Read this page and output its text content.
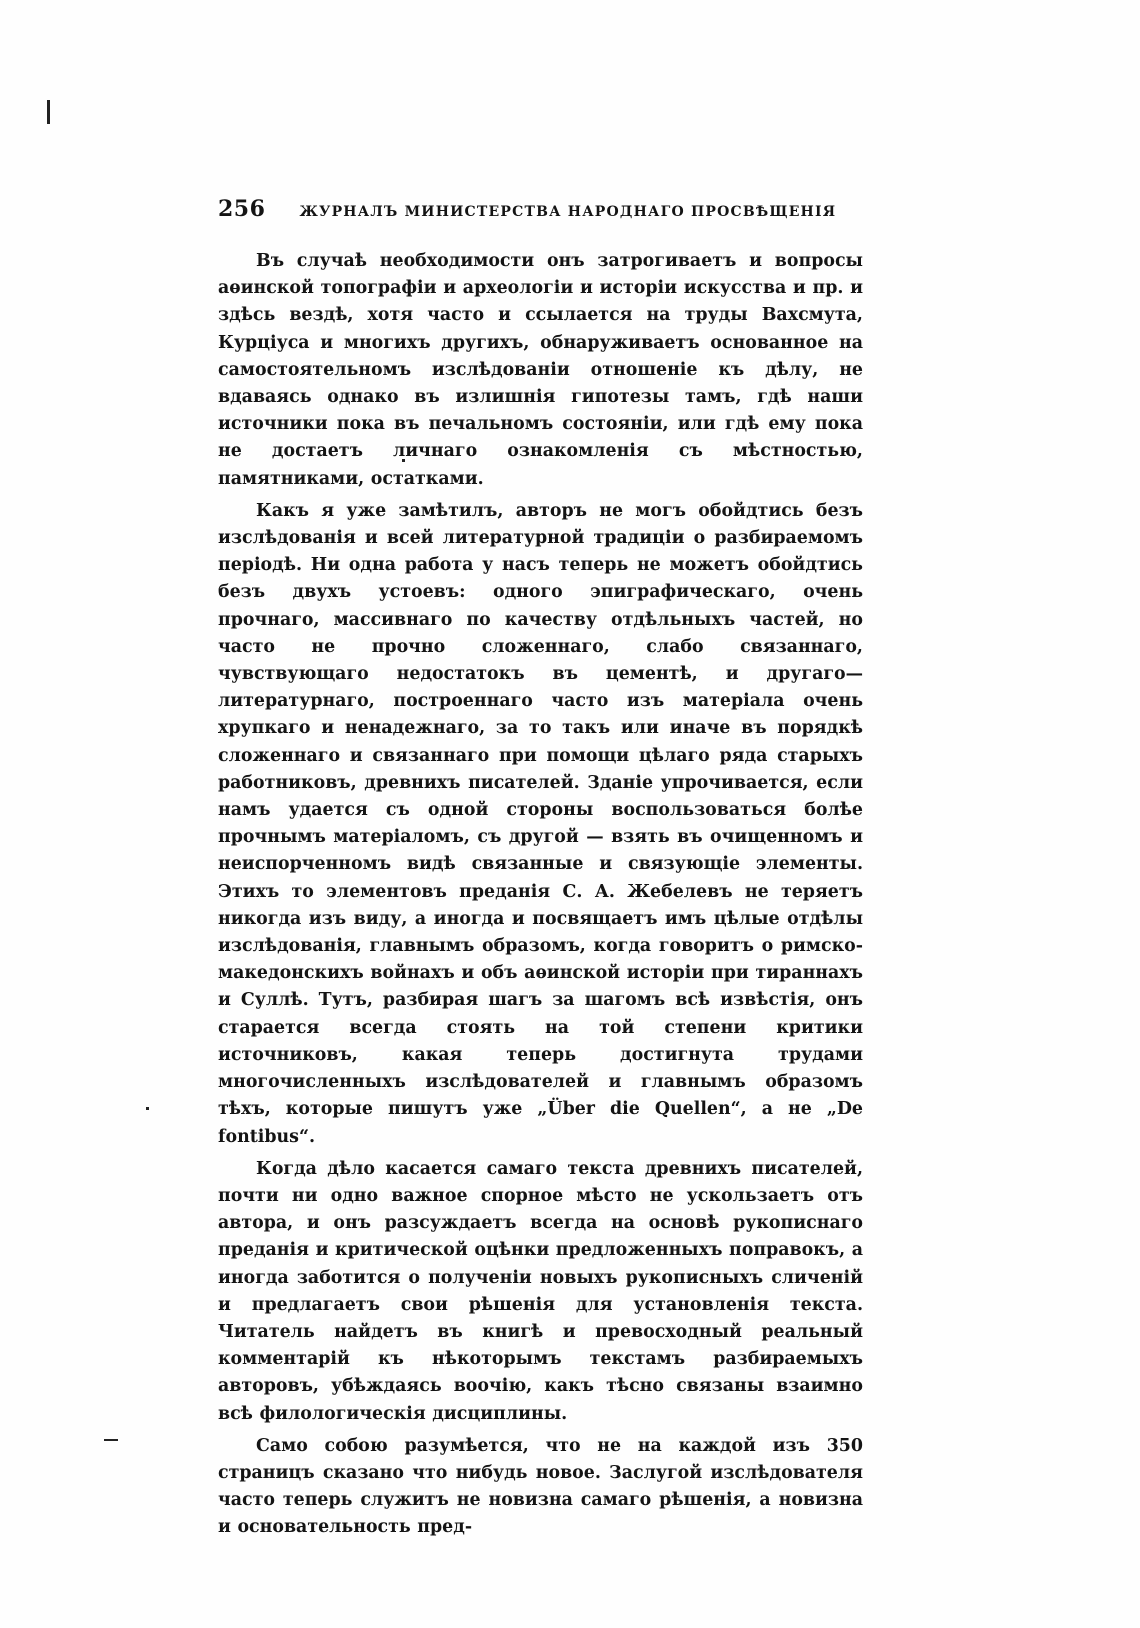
256 ЖУРНАЛЪ МИНИСТЕРСТВА НАРОДНАГО ПРОСВѢЩЕНІЯ

Въ случаѣ необходимости онъ затрогиваетъ и вопросы аѳинской топографіи и археологіи и исторіи искусства и пр. и здѣсь вездѣ, хотя часто и ссылается на труды Вахсмута, Курціуса и многихъ другихъ, обнаруживаетъ основанное на самостоятельномъ изслѣдованіи отношеніе къ дѣлу, не вдаваясь однако въ излишнія гипотезы тамъ, гдѣ наши источники пока въ печальномъ состояніи, или гдѣ ему пока не достаетъ личнаго ознакомленія съ мѣстностью, памятниками, остатками.

Какъ я уже замѣтилъ, авторъ не могъ обойдтись безъ изслѣдованія и всей литературной традиціи о разбираемомъ періодѣ. Ни одна работа у насъ теперь не можетъ обойдтись безъ двухъ устоевъ: одного эпиграфическаго, очень прочнаго, массивнаго по качеству отдѣльныхъ частей, но часто не прочно сложеннаго, слабо связаннаго, чувствующаго недостатокъ въ цементѣ, и другаго—литературнаго, построеннаго часто изъ матеріала очень хрупкаго и ненадежнаго, за то такъ или иначе въ порядкѣ сложеннаго и связаннаго при помощи цѣлаго ряда старыхъ работниковъ, древнихъ писателей. Зданіе упрочивается, если намъ удается съ одной стороны воспользоваться болѣе прочнымъ матеріаломъ, съ другой — взять въ очищенномъ и неиспорченномъ видѣ связанные и связующіе элементы. Этихъ то элементовъ преданія С. А. Жебелевъ не теряетъ никогда изъ виду, а иногда и посвящаетъ имъ цѣлые отдѣлы изслѣдованія, главнымъ образомъ, когда говоритъ о римско-македонскихъ войнахъ и объ аѳинской исторіи при тираннахъ и Суллѣ. Тутъ, разбирая шагъ за шагомъ всѣ извѣстія, онъ старается всегда стоять на той степени критики источниковъ, какая теперь достигнута трудами многочисленныхъ изслѣдователей и главнымъ образомъ тѣхъ, которые пишутъ уже „Über die Quellen“, а не „De fontibus“.

Когда дѣло касается самаго текста древнихъ писателей, почти ни одно важное спорное мѣсто не ускользаетъ отъ автора, и онъ разсуждаетъ всегда на основѣ рукописнаго преданія и критической оцѣнки предложенныхъ поправокъ, а иногда заботится о полученіи новыхъ рукописныхъ сличеній и предлагаетъ свои рѣшенія для установленія текста. Читатель найдетъ въ книгѣ и превосходный реальный комментарій къ нѣкоторымъ текстамъ разбираемыхъ авторовъ, убѣждаясь воочію, какъ тѣсно связаны взаимно всѣ филологическія дисциплины.

Само собою разумѣется, что не на каждой изъ 350 страницъ сказано что нибудь новое. Заслугой изслѣдователя часто теперь служитъ не новизна самаго рѣшенія, а новизна и основательность пред-
